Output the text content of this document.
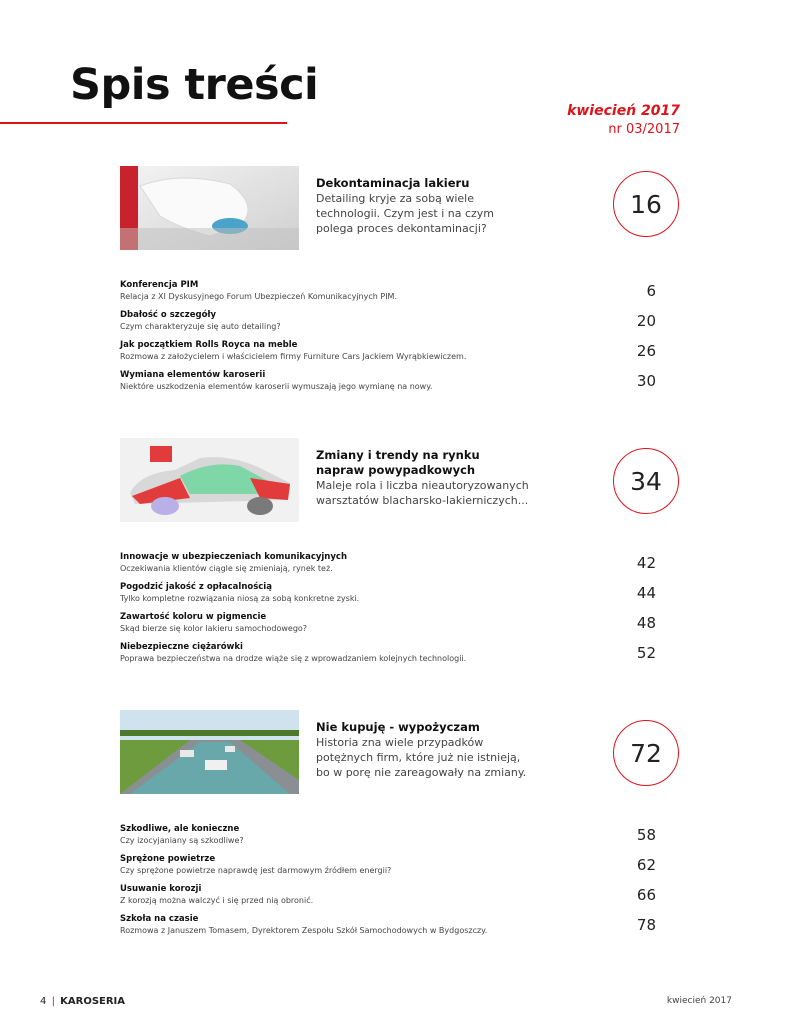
Spis treści
kwiecień 2017
nr 03/2017
Dekontaminacja lakieru
Detailing kryje za sobą wiele technologii. Czym jest i na czym polega proces dekontaminacji?
16
Konferencja PIM
Relacja z XI Dyskusyjnego Forum Ubezpieczeń Komunikacyjnych PIM.	6
Dbałość o szczegóły
Czym charakteryzuje się auto detailing?	20
Jak początkiem Rolls Royca na meble
Rozmowa z założycielem i właścicielem firmy Furniture Cars Jackiem Wyrąbkiewiczem.	26
Wymiana elementów karoserii
Niektóre uszkodzenia elementów karoserii wymuszają jego wymianę na nowy.	30
Zmiany i trendy na rynku napraw powypadkowych
Maleje rola i liczba nieautoryzowanych warsztatów blacharsko-lakierniczych...
34
Innowacje w ubezpieczeniach komunikacyjnych
Oczekiwania klientów ciągle się zmieniają, rynek też.	42
Pogodzić jakość z opłacalnością
Tylko kompletne rozwiązania niosą za sobą konkretne zyski.	44
Zawartość koloru w pigmencie
Skąd bierze się kolor lakieru samochodowego?	48
Niebezpieczne ciężarówki
Poprawa bezpieczeństwa na drodze wiąże się z wprowadzaniem kolejnych technologii.	52
Nie kupuję - wypożyczam
Historia zna wiele przypadków potężnych firm, które już nie istnieją, bo w porę nie zareagowały na zmiany.
72
Szkodliwe, ale konieczne
Czy izocyjaniany są szkodliwe?	58
Sprężone powietrze
Czy sprężone powietrze naprawdę jest darmowym źródłem energii?	62
Usuwanie korozji
Z korozją można walczyć i się przed nią obronić.	66
Szkoła na czasie
Rozmowa z Januszem Tomasem, Dyrektorem Zespołu Szkół Samochodowych w Bydgoszczy.	78
4 | KAROSERIA	kwiecień 2017
